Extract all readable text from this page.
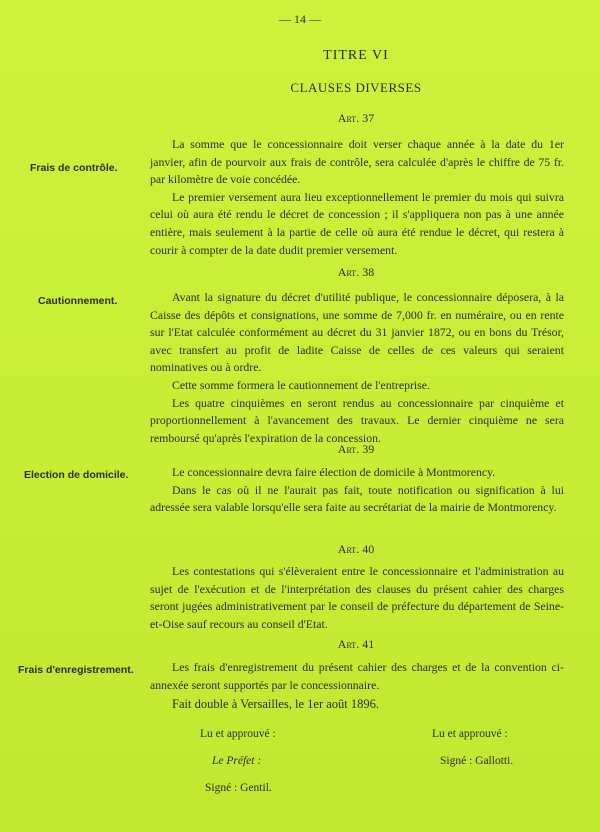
— 14 —
TITRE VI
CLAUSES DIVERSES
Art. 37
Frais de contrôle.

La somme que le concessionnaire doit verser chaque année à la date du 1er janvier, afin de pourvoir aux frais de contrôle, sera calculée d'après le chiffre de 75 fr. par kilomètre de voie concédée.

Le premier versement aura lieu exceptionnellement le premier du mois qui suivra celui où aura été rendu le décret de concession ; il s'appliquera non pas à une année entière, mais seulement à la partie de celle où aura été rendue le décret, qui restera à courir à compter de la date dudit premier versement.

Art. 38
Cautionnement.	Avant la signature du décret d'utilité publique, le concessionnaire déposera, à la Caisse des dépôts et consignations, une somme de 7,000 fr. en numéraire, ou en rente sur l'Etat calculée conformément au décret du 31 janvier 1872, ou en bons du Trésor, avec transfert au profit de ladite Caisse de celles de ces valeurs qui seraient nominatives ou à ordre.

Cette somme formera le cautionnement de l'entreprise.

Les quatre cinquièmes en seront rendus au concessionnaire par cinquième et proportionnellement à l'avancement des travaux. Le dernier cinquième ne sera remboursé qu'après l'expiration de la concession.

Art. 39
Election de domicile.	Le concessionnaire devra faire élection de domicile à Montmorency.

Dans le cas où il ne l'aurait pas fait, toute notification ou signification à lui adressée sera valable lorsqu'elle sera faite au secrétariat de la mairie de Montmorency.

Art. 40

Les contestations qui s'élèveraient entre le concessionnaire et l'administration au sujet de l'exécution et de l'interprétation des clauses du présent cahier des charges seront jugées administrativement par le conseil de préfecture du département de Seine-et-Oise sauf recours au conseil d'Etat.

Art. 41
Frais d'enregistrement.	Les frais d'enregistrement du présent cahier des charges et de la convention ci-annexée seront supportés par le concessionnaire.

Fait double à Versailles, le 1er août 1896.
Lu et approuvé :	Lu et approuvé :
Le Préfet :	Signé : Gallotti.
Signé : Gentil.
